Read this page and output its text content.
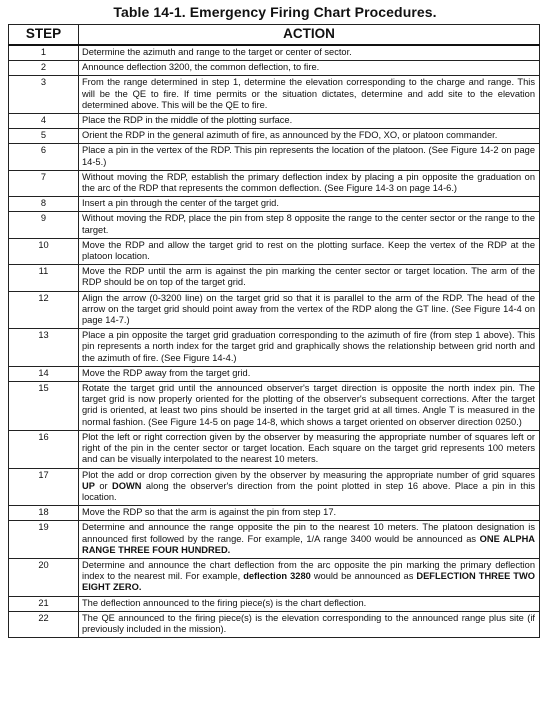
Table 14-1. Emergency Firing Chart Procedures.
STEP	ACTION
1	Determine the azimuth and range to the target or center of sector.
2	Announce deflection 3200, the common deflection, to fire.
3	From the range determined in step 1, determine the elevation corresponding to the charge and range. This will be the QE to fire. If time permits or the situation dictates, determine and add site to the elevation determined above. This will be the QE to fire.
4	Place the RDP in the middle of the plotting surface.
5	Orient the RDP in the general azimuth of fire, as announced by the FDO, XO, or platoon commander.
6	Place a pin in the vertex of the RDP. This pin represents the location of the platoon. (See Figure 14-2 on page 14-5.)
7	Without moving the RDP, establish the primary deflection index by placing a pin opposite the graduation on the arc of the RDP that represents the common deflection. (See Figure 14-3 on page 14-6.)
8	Insert a pin through the center of the target grid.
9	Without moving the RDP, place the pin from step 8 opposite the range to the center sector or the range to the target.
10	Move the RDP and allow the target grid to rest on the plotting surface. Keep the vertex of the RDP at the platoon location.
11	Move the RDP until the arm is against the pin marking the center sector or target location. The arm of the RDP should be on top of the target grid.
12	Align the arrow (0-3200 line) on the target grid so that it is parallel to the arm of the RDP. The head of the arrow on the target grid should point away from the vertex of the RDP along the GT line. (See Figure 14-4 on page 14-7.)
13	Place a pin opposite the target grid graduation corresponding to the azimuth of fire (from step 1 above). This pin represents a north index for the target grid and graphically shows the relationship between grid north and the azimuth of fire. (See Figure 14-4.)
14	Move the RDP away from the target grid.
15	Rotate the target grid until the announced observer's target direction is opposite the north index pin. The target grid is now properly oriented for the plotting of the observer's subsequent corrections. After the target grid is oriented, at least two pins should be inserted in the target grid at all times. Angle T is measured in the normal fashion. (See Figure 14-5 on page 14-8, which shows a target oriented on observer direction 0250.)
16	Plot the left or right correction given by the observer by measuring the appropriate number of squares left or right of the pin in the center sector or target location. Each square on the target grid represents 100 meters and can be visually interpolated to the nearest 10 meters.
17	Plot the add or drop correction given by the observer by measuring the appropriate number of grid squares UP or DOWN along the observer's direction from the point plotted in step 16 above. Place a pin in this location.
18	Move the RDP so that the arm is against the pin from step 17.
19	Determine and announce the range opposite the pin to the nearest 10 meters. The platoon designation is announced first followed by the range. For example, 1/A range 3400 would be announced as ONE ALPHA RANGE THREE FOUR HUNDRED.
20	Determine and announce the chart deflection from the arc opposite the pin marking the primary deflection index to the nearest mil. For example, deflection 3280 would be announced as DEFLECTION THREE TWO EIGHT ZERO.
21	The deflection announced to the firing piece(s) is the chart deflection.
22	The QE announced to the firing piece(s) is the elevation corresponding to the announced range plus site (if previously included in the mission).
